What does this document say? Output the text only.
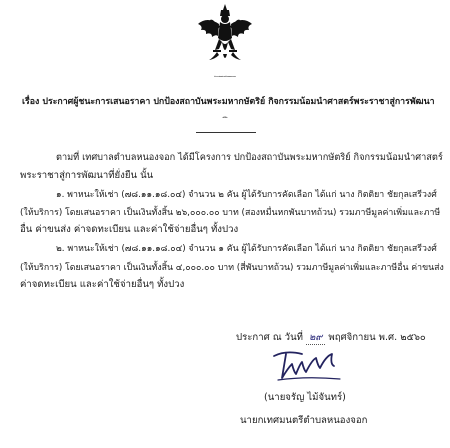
ประกาศเทศบาลตำบลหนองจอก
เรื่อง ประกาศผู้ชนะการเสนอราคา ปกป้องสถาบันพระมหากษัตริย์ กิจกรรมน้อมนำศาสตร์พระราชาสู่การพัฒนา
ที่ยั่งยืน
ตามที่ เทศบาลตำบลหนองจอก ได้มีโครงการ ปกป้องสถาบันพระมหากษัตริย์ กิจกรรมน้อมนำศาสตร์
พระราชาสู่การพัฒนาที่ยั่งยืน นั้น
๑. พาหนะให้เช่า (๗๘.๑๑.๑๘.๐๔) จำนวน ๒ คัน ผู้ได้รับการคัดเลือก ได้แก่ นาง กิตติยา ชัยกุลเสรีวงศ์
(ให้บริการ) โดยเสนอราคา เป็นเงินทั้งสิ้น ๒๖,๐๐๐.๐๐ บาท (สองหมื่นหกพันบาทถ้วน) รวมภาษีมูลค่าเพิ่มและภาษี
อื่น ค่าขนส่ง ค่าจดทะเบียน และค่าใช้จ่ายอื่นๆ ทั้งปวง
๒. พาหนะให้เช่า (๗๘.๑๑.๑๘.๐๔) จำนวน ๑ คัน ผู้ได้รับการคัดเลือก ได้แก่ นาง กิตติยา ชัยกุลเสรีวงศ์
(ให้บริการ) โดยเสนอราคา เป็นเงินทั้งสิ้น ๔,๐๐๐.๐๐ บาท (สี่พันบาทถ้วน) รวมภาษีมูลค่าเพิ่มและภาษีอื่น ค่าขนส่ง
ค่าจดทะเบียน และค่าใช้จ่ายอื่นๆ ทั้งปวง
ประกาศ ณ วันที่ ๒๙ พฤศจิกายน พ.ศ. ๒๕๖๐
(นายจรัญ ไม้จันทร์)
นายกเทศมนตรีตำบลหนองจอก
